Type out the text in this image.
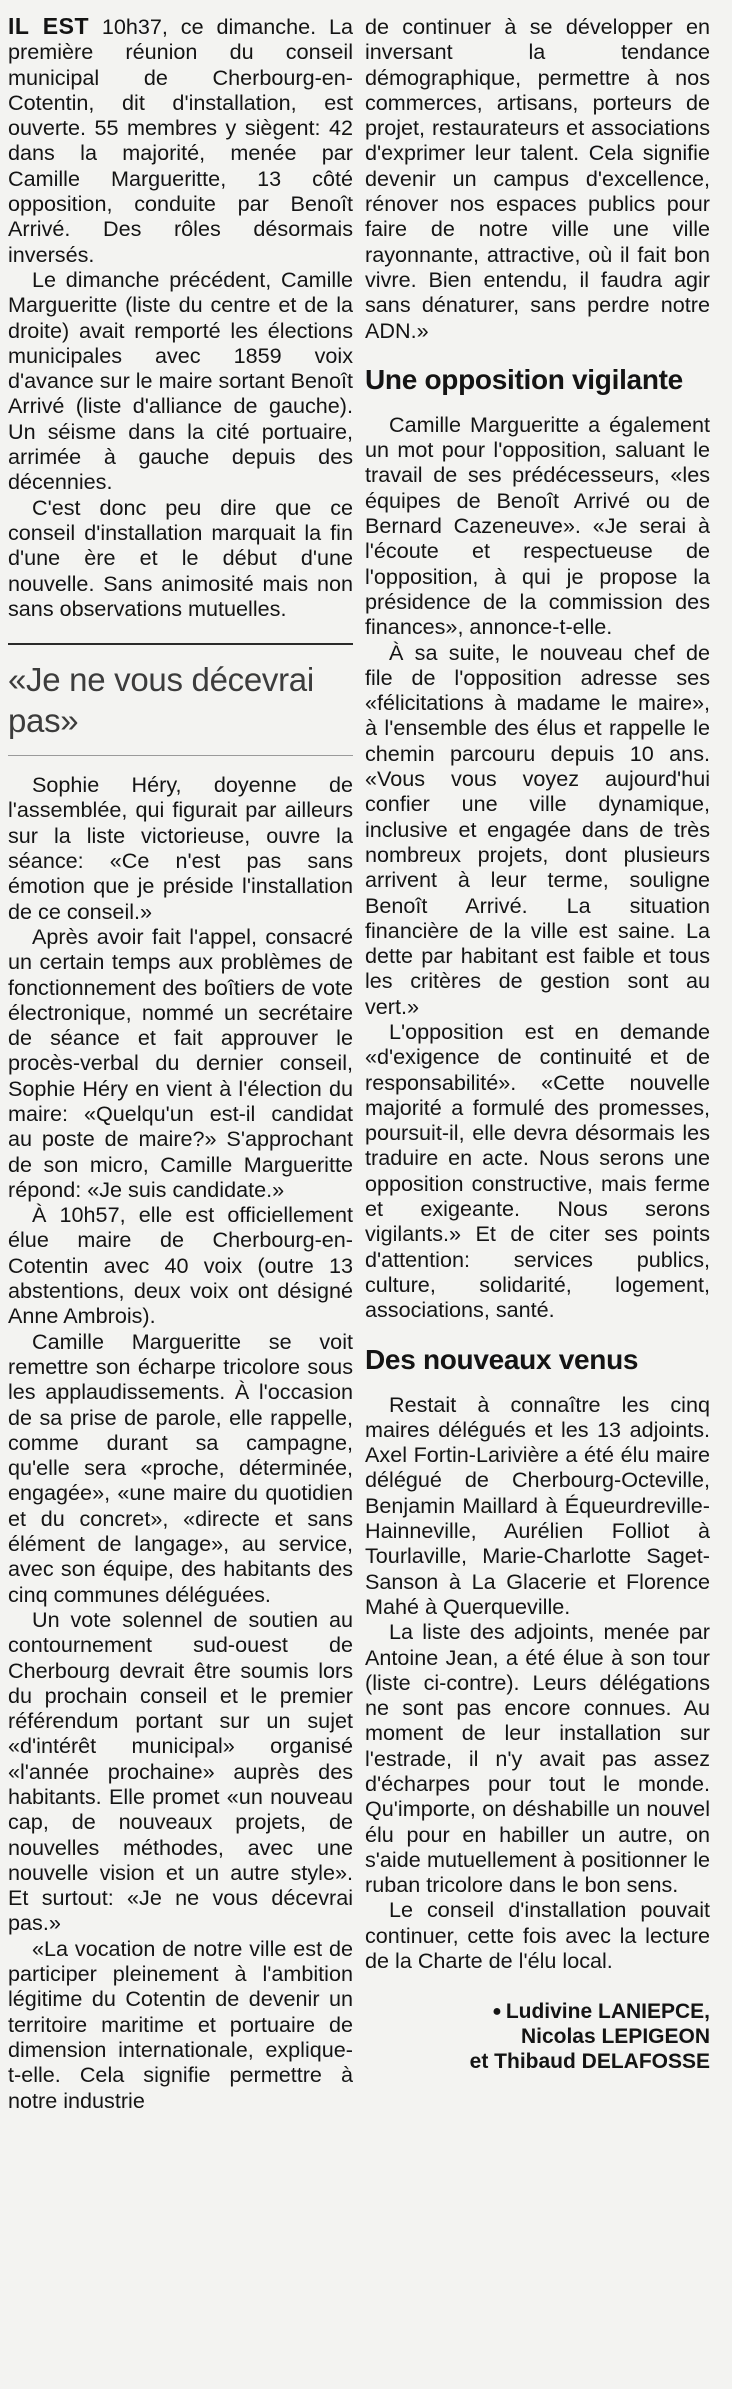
IL EST 10h37, ce dimanche. La première réunion du conseil municipal de Cherbourg-en-Cotentin, dit d'installation, est ouverte. 55 membres y siègent: 42 dans la majorité, menée par Camille Margueritte, 13 côté opposition, conduite par Benoît Arrivé. Des rôles désormais inversés.

Le dimanche précédent, Camille Margueritte (liste du centre et de la droite) avait remporté les élections municipales avec 1859 voix d'avance sur le maire sortant Benoît Arrivé (liste d'alliance de gauche). Un séisme dans la cité portuaire, arrimée à gauche depuis des décennies.

C'est donc peu dire que ce conseil d'installation marquait la fin d'une ère et le début d'une nouvelle. Sans animosité mais non sans observations mutuelles.

«Je ne vous décevrai pas»

Sophie Héry, doyenne de l'assemblée, qui figurait par ailleurs sur la liste victorieuse, ouvre la séance: «Ce n'est pas sans émotion que je préside l'installation de ce conseil.»

Après avoir fait l'appel, consacré un certain temps aux problèmes de fonctionnement des boîtiers de vote électronique, nommé un secrétaire de séance et fait approuver le procès-verbal du dernier conseil, Sophie Héry en vient à l'élection du maire: «Quelqu'un est-il candidat au poste de maire?» S'approchant de son micro, Camille Margueritte répond: «Je suis candidate.»

À 10h57, elle est officiellement élue maire de Cherbourg-en-Cotentin avec 40 voix (outre 13 abstentions, deux voix ont désigné Anne Ambrois).

Camille Margueritte se voit remettre son écharpe tricolore sous les applaudissements. À l'occasion de sa prise de parole, elle rappelle, comme durant sa campagne, qu'elle sera «proche, déterminée, engagée», «une maire du quotidien et du concret», «directe et sans élément de langage», au service, avec son équipe, des habitants des cinq communes déléguées.

Un vote solennel de soutien au contournement sud-ouest de Cherbourg devrait être soumis lors du prochain conseil et le premier référendum portant sur un sujet «d'intérêt municipal» organisé «l'année prochaine» auprès des habitants. Elle promet «un nouveau cap, de nouveaux projets, de nouvelles méthodes, avec une nouvelle vision et un autre style». Et surtout: «Je ne vous décevrai pas.»

«La vocation de notre ville est de participer pleinement à l'ambition légitime du Cotentin de devenir un territoire maritime et portuaire de dimension internationale, explique-t-elle. Cela signifie permettre à notre industrie

de continuer à se développer en inversant la tendance démographique, permettre à nos commerces, artisans, porteurs de projet, restaurateurs et associations d'exprimer leur talent. Cela signifie devenir un campus d'excellence, rénover nos espaces publics pour faire de notre ville une ville rayonnante, attractive, où il fait bon vivre. Bien entendu, il faudra agir sans dénaturer, sans perdre notre ADN.»

Une opposition vigilante

Camille Margueritte a également un mot pour l'opposition, saluant le travail de ses prédécesseurs, «les équipes de Benoît Arrivé ou de Bernard Cazeneuve». «Je serai à l'écoute et respectueuse de l'opposition, à qui je propose la présidence de la commission des finances», annonce-t-elle.

À sa suite, le nouveau chef de file de l'opposition adresse ses «félicitations à madame le maire», à l'ensemble des élus et rappelle le chemin parcouru depuis 10 ans. «Vous vous voyez aujourd'hui confier une ville dynamique, inclusive et engagée dans de très nombreux projets, dont plusieurs arrivent à leur terme, souligne Benoît Arrivé. La situation financière de la ville est saine. La dette par habitant est faible et tous les critères de gestion sont au vert.»

L'opposition est en demande «d'exigence de continuité et de responsabilité». «Cette nouvelle majorité a formulé des promesses, poursuit-il, elle devra désormais les traduire en acte. Nous serons une opposition constructive, mais ferme et exigeante. Nous serons vigilants.» Et de citer ses points d'attention: services publics, culture, solidarité, logement, associations, santé.

Des nouveaux venus

Restait à connaître les cinq maires délégués et les 13 adjoints. Axel Fortin-Larivière a été élu maire délégué de Cherbourg-Octeville, Benjamin Maillard à Équeurdreville-Hainneville, Aurélien Folliot à Tourlaville, Marie-Charlotte Saget-Sanson à La Glacerie et Florence Mahé à Querqueville.

La liste des adjoints, menée par Antoine Jean, a été élue à son tour (liste ci-contre). Leurs délégations ne sont pas encore connues. Au moment de leur installation sur l'estrade, il n'y avait pas assez d'écharpes pour tout le monde. Qu'importe, on déshabille un nouvel élu pour en habiller un autre, on s'aide mutuellement à positionner le ruban tricolore dans le bon sens.

Le conseil d'installation pouvait continuer, cette fois avec la lecture de la Charte de l'élu local.

● Ludivine LANIEPCE,
Nicolas LEPIGEON
et Thibaud DELAFOSSE
